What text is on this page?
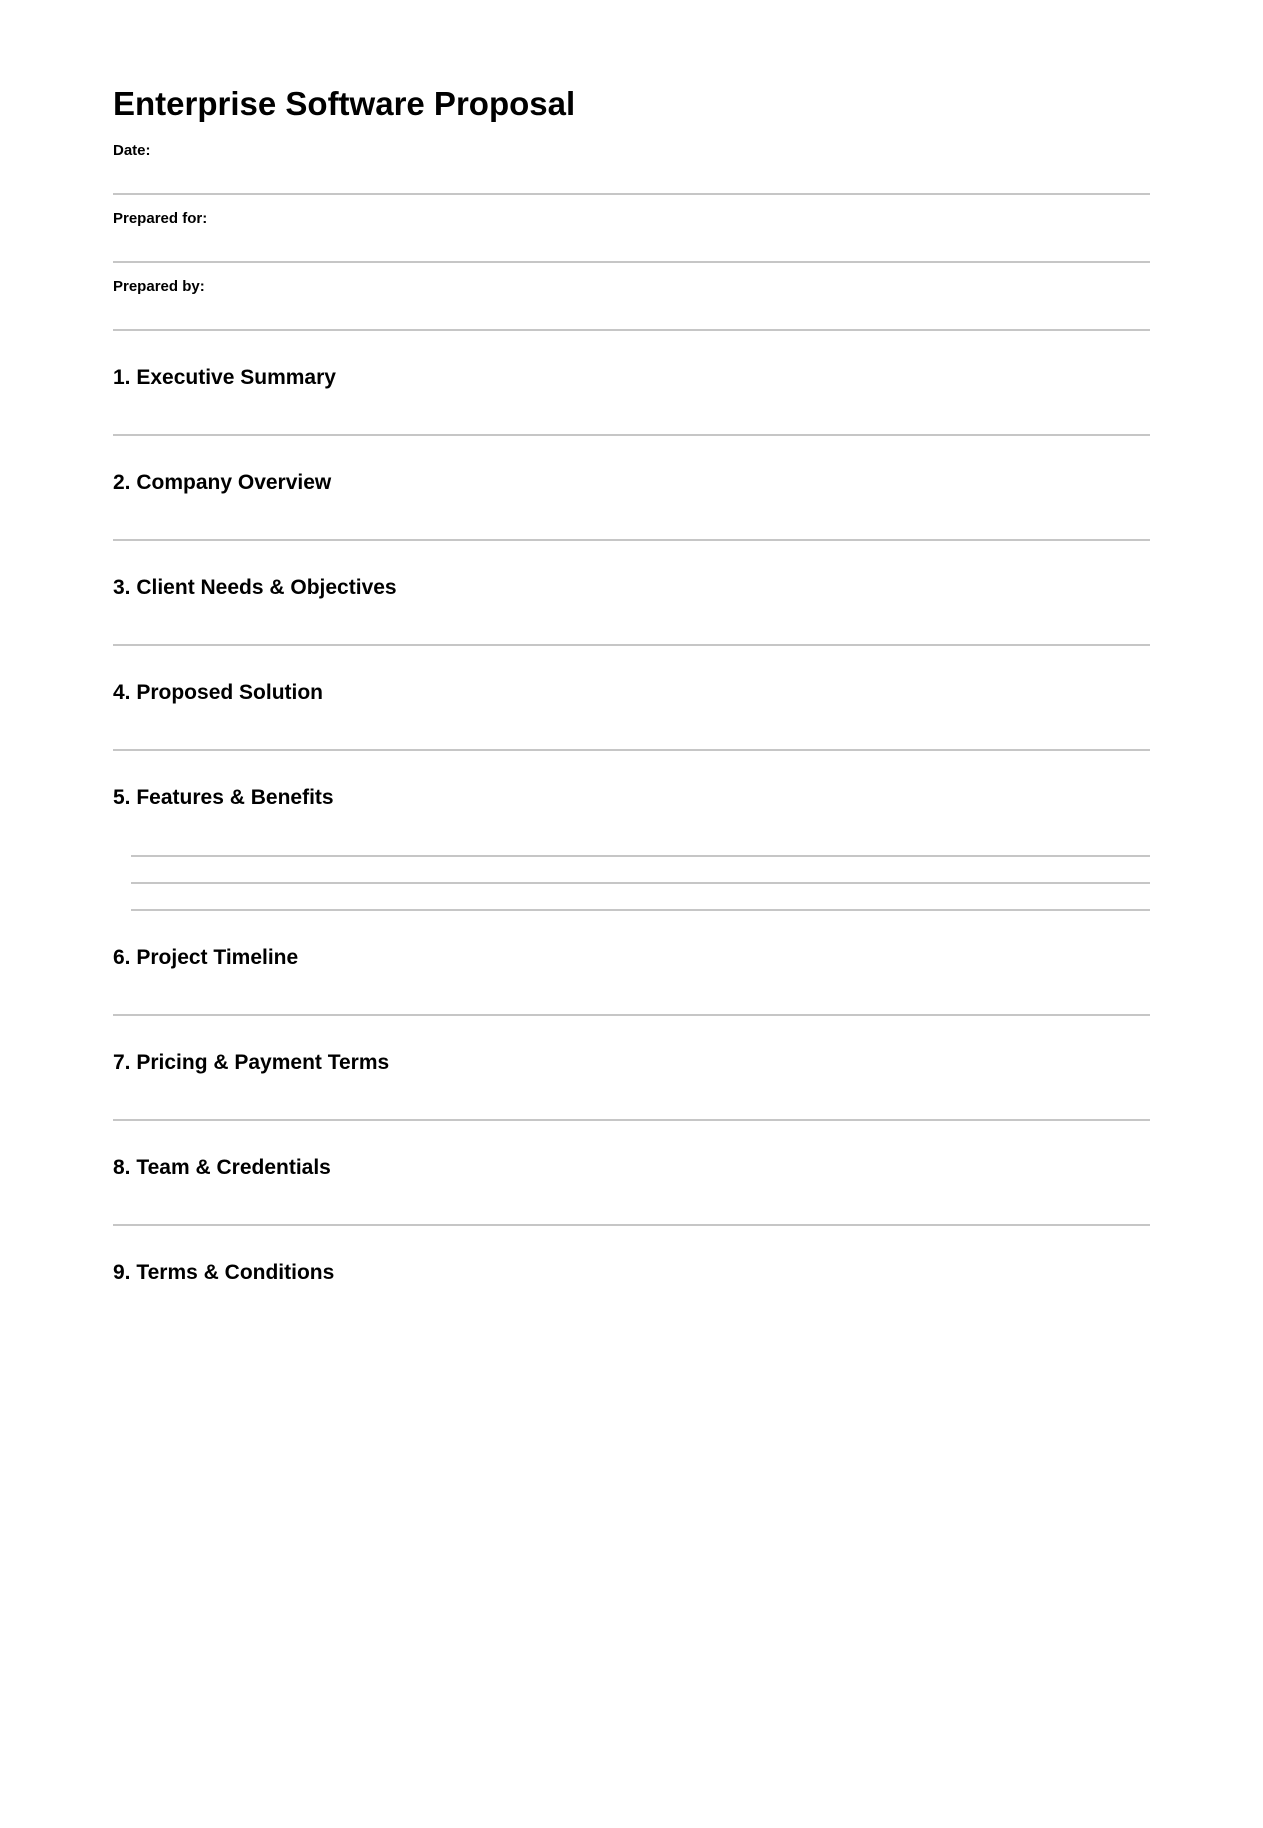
Enterprise Software Proposal

Date:

Prepared for:

Prepared by:

1. Executive Summary
2. Company Overview
3. Client Needs & Objectives
4. Proposed Solution
5. Features & Benefits
6. Project Timeline
7. Pricing & Payment Terms
8. Team & Credentials
9. Terms & Conditions
